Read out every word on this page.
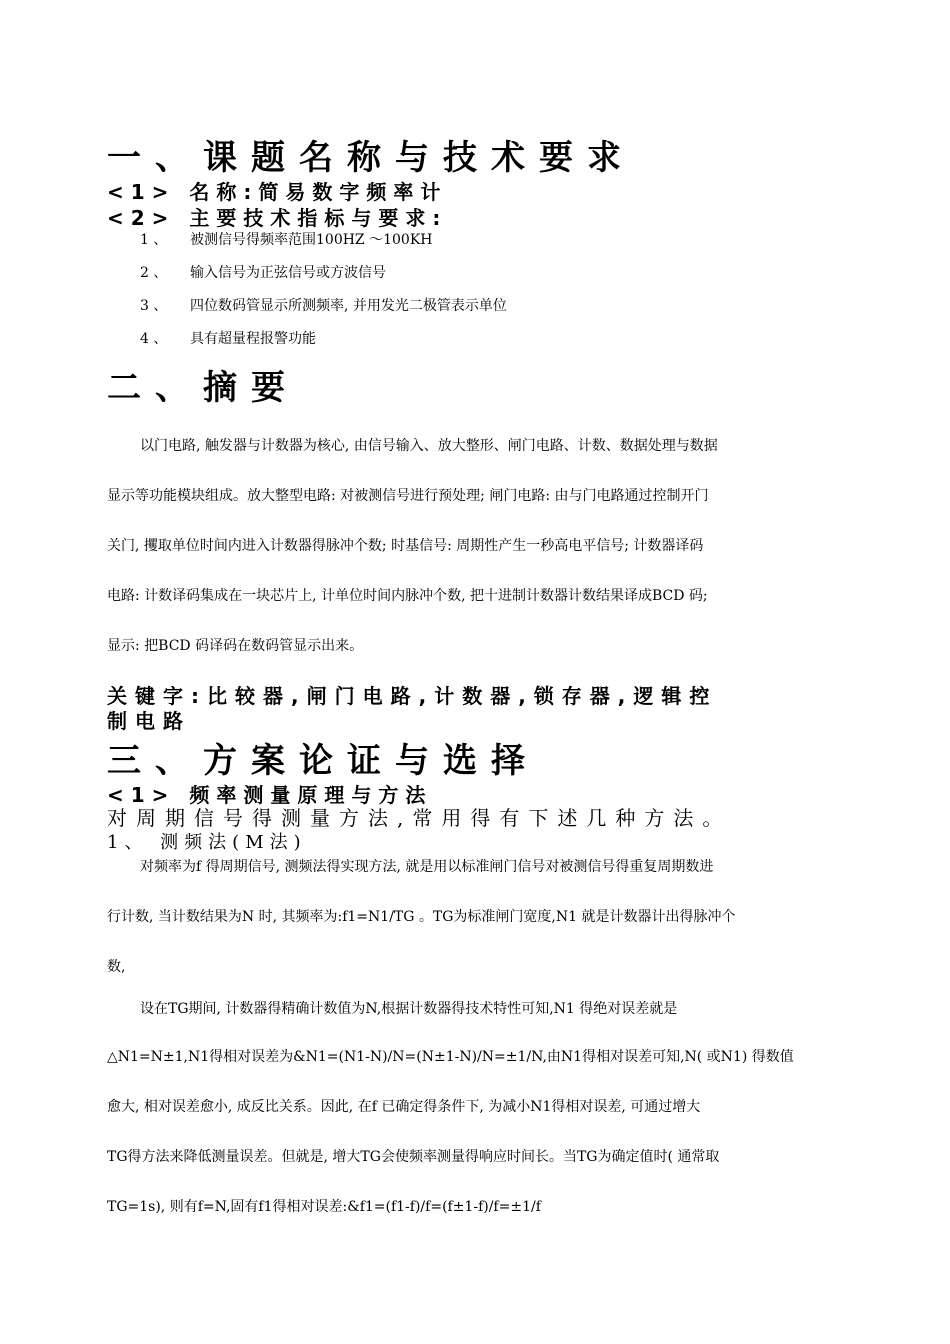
一、课题名称与技术要求
<1> 名称:简易数字频率计
<2> 主要技术指标与要求:
1 、 被测信号得频率范围100HZ ～100KH
2 、 输入信号为正弦信号或方波信号
3 、 四位数码管显示所测频率, 并用发光二极管表示单位
4 、 具有超量程报警功能
二、摘要
以门电路, 触发器与计数器为核心, 由信号输入、放大整形、闸门电路、计数、数据处理与数据
显示等功能模块组成。放大整型电路: 对被测信号进行预处理; 闸门电路: 由与门电路通过控制开门
关门, 攫取单位时间内进入计数器得脉冲个数; 时基信号: 周期性产生一秒高电平信号; 计数器译码
电路: 计数译码集成在一块芯片上, 计单位时间内脉冲个数, 把十进制计数器计数结果译成BCD 码;
显示: 把BCD 码译码在数码管显示出来。
关键字:比较器,闸门电路,计数器,锁存器,逻辑控
制电路
三、方案论证与选择
<1> 频率测量原理与方法
对周期信号得测量方法,常用得有下述几种方法。
1、 测频法(M法)
对频率为f 得周期信号, 测频法得实现方法, 就是用以标准闸门信号对被测信号得重复周期数进
行计数, 当计数结果为N 时, 其频率为:f1=N1/TG 。TG为标准闸门宽度,N1 就是计数器计出得脉冲个
数,
设在TG期间, 计数器得精确计数值为N,根据计数器得技术特性可知,N1 得绝对误差就是
△N1=N±1,N1得相对误差为&N1=(N1-N)/N=(N±1-N)/N=±1/N,由N1得相对误差可知,N( 或N1) 得数值
愈大, 相对误差愈小, 成反比关系。因此, 在f 已确定得条件下, 为减小N1得相对误差, 可通过增大
TG得方法来降低测量误差。但就是, 增大TG会使频率测量得响应时间长。当TG为确定值时( 通常取
TG=1s), 则有f=N,固有f1得相对误差:&f1=(f1-f)/f=(f±1-f)/f=±1/f
